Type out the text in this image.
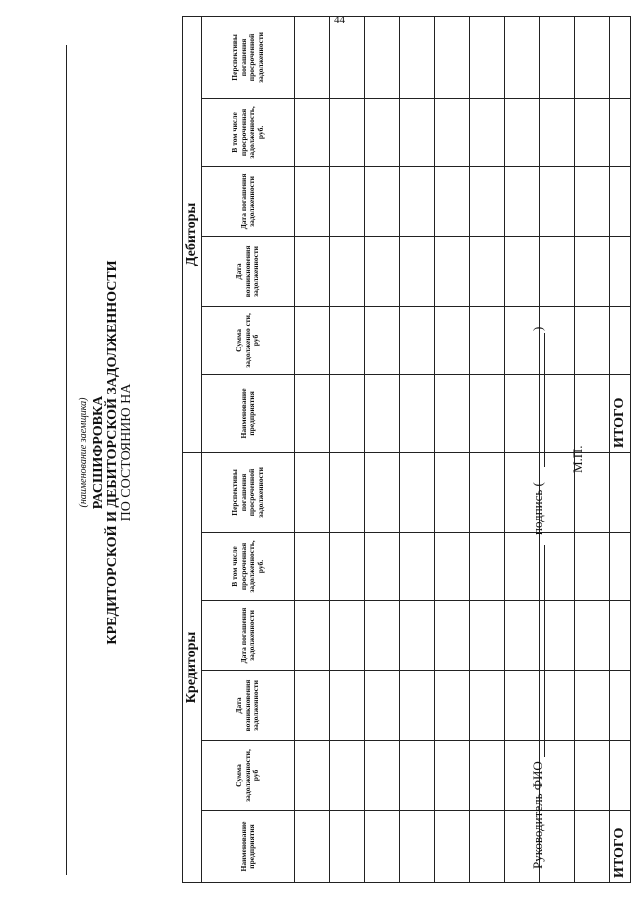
44
(наименование заемщика) РАСШИФРОВКА КРЕДИТОРСКОЙ И ДЕБИТОРСКОЙ ЗАДОЛЖЕННОСТИ ПО СОСТОЯНИЮ НА
Кредиторы						Дебиторы					
Наименование предприятия	Сумма задолженности, руб	Дата возникновения задолженности	Дата погашения задолженности	В том числе просроченная задолженность, руб.	Перспективы погашения просроченной задолженности	Наименование предприятия	Сумма задолженно сти, руб	Дата возникновения задолженности	Дата погашения задолженности	В том числе просроченная задолженность, руб.	Перспективы погашения просроченной задолженности

ИТОГО						ИТОГО					
Руководитель ФИО
подпись (
)
М.П.
